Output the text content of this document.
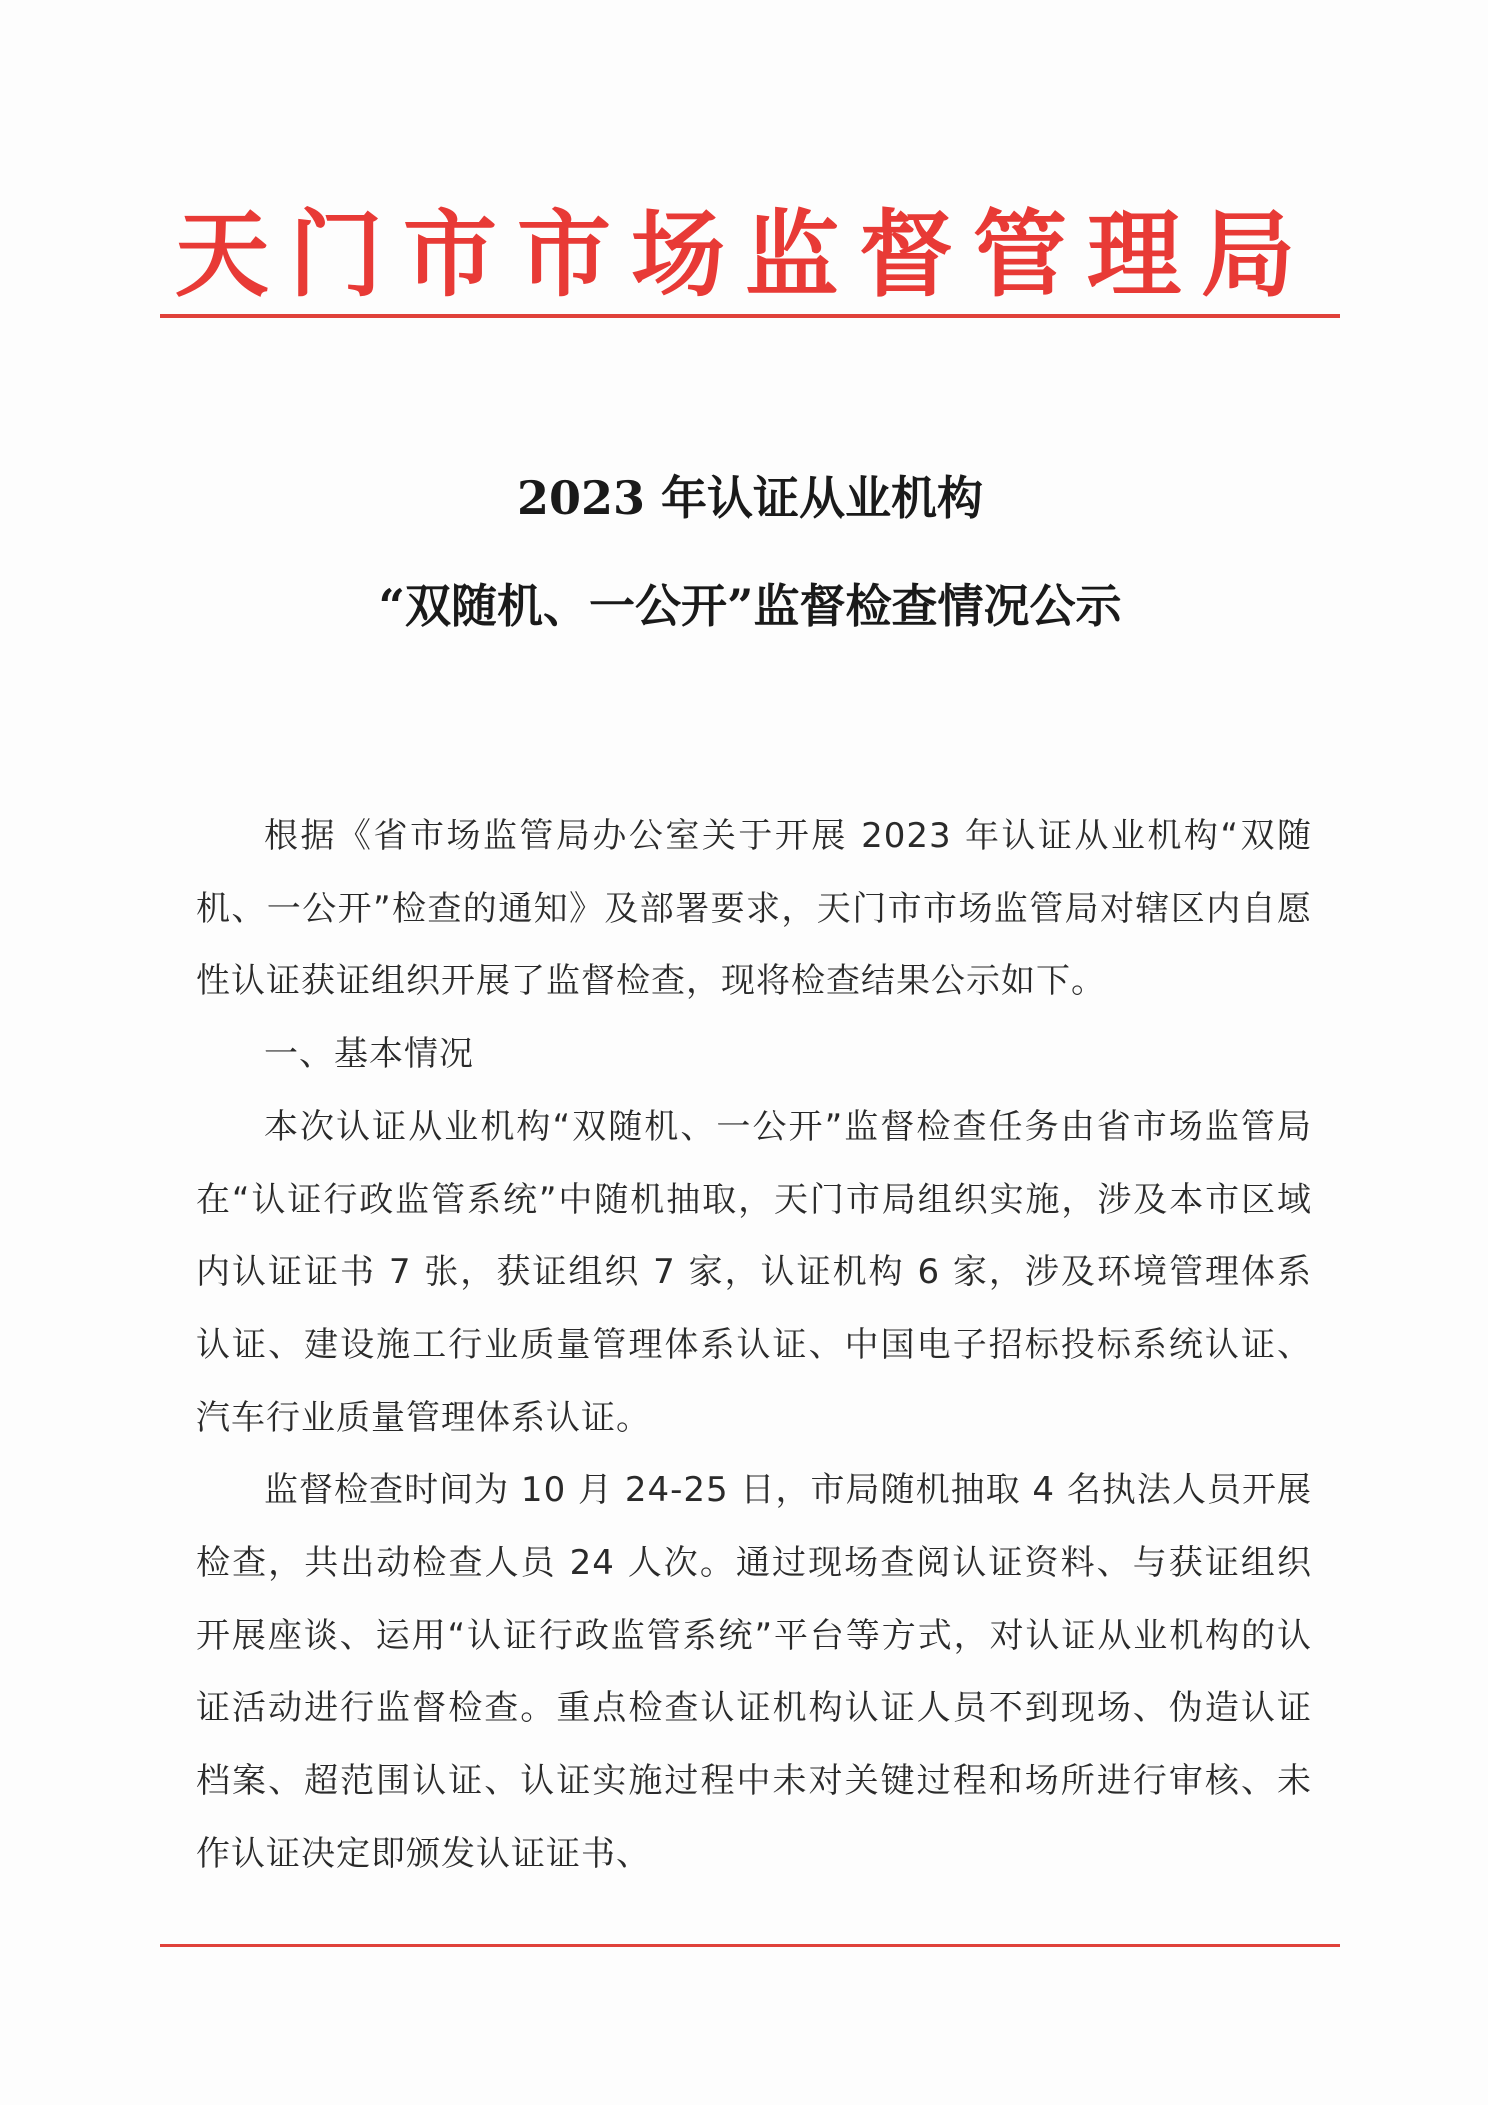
天门市市场监督管理局
2023 年认证从业机构
“双随机、一公开”监督检查情况公示

根据《省市场监管局办公室关于开展 2023 年认证从业机构“双随机、一公开”检查的通知》及部署要求，天门市市场监管局对辖区内自愿性认证获证组织开展了监督检查，现将检查结果公示如下。

一、基本情况

本次认证从业机构“双随机、一公开”监督检查任务由省市场监管局在“认证行政监管系统”中随机抽取，天门市局组织实施，涉及本市区域内认证证书 7 张，获证组织 7 家，认证机构 6 家，涉及环境管理体系认证、建设施工行业质量管理体系认证、中国电子招标投标系统认证、汽车行业质量管理体系认证。

监督检查时间为 10 月 24-25 日，市局随机抽取 4 名执法人员开展检查，共出动检查人员 24 人次。通过现场查阅认证资料、与获证组织开展座谈、运用“认证行政监管系统”平台等方式，对认证从业机构的认证活动进行监督检查。重点检查认证机构认证人员不到现场、伪造认证档案、超范围认证、认证实施过程中未对关键过程和场所进行审核、未作认证决定即颁发认证证书、
